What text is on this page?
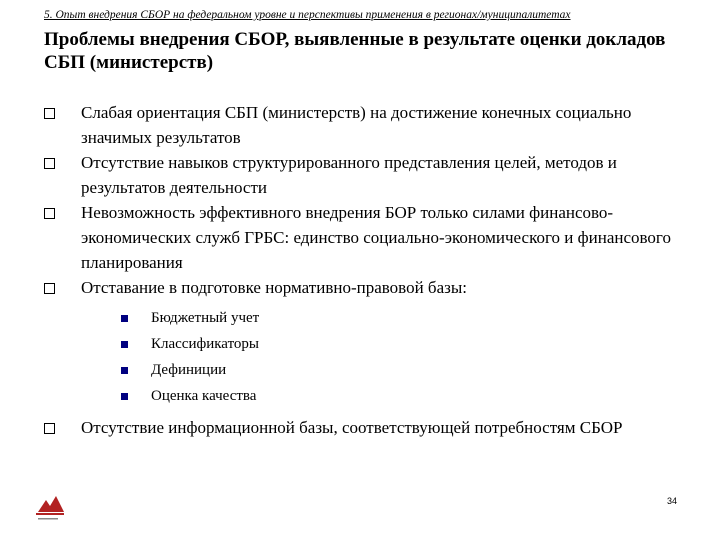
5. Опыт внедрения СБОР на федеральном уровне и перспективы применения в регионах/муниципалитетах
Проблемы внедрения СБОР, выявленные в результате оценки докладов СБП (министерств)
Слабая ориентация СБП (министерств) на достижение конечных социально значимых результатов
Отсутствие навыков структурированного представления целей, методов и результатов деятельности
Невозможность эффективного внедрения БОР только силами финансово-экономических служб ГРБС: единство социально-экономического и финансового планирования
Отставание в подготовке нормативно-правовой базы:
Бюджетный учет
Классификаторы
Дефиниции
Оценка качества
Отсутствие информационной базы, соответствующей потребностям СБОР
34
